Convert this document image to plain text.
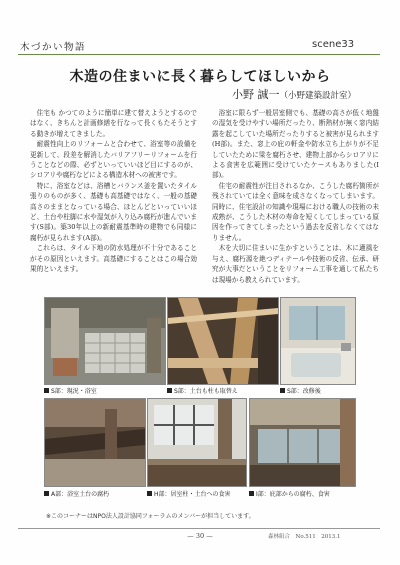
木づかい物語	scene33
木造の住まいに長く暮らしてほしいから
小野 誠一（小野建築設計室）

住宅も かつてのように簡単に建て替えようとするのではなく、きちんと計画修繕を行なって長くもたそうとする動きが増えてきました。

耐震性向上のリフォームと合わせて、浴室等の設備を更新して、段差を解消したバリアフリーリフォームを行うことなどの際、必ずといっていいほど目にするのが、シロアリや腐朽などによる構造木材への被害です。

特に、浴室などは、浴槽とバランス釜を置いたタイル張りのものが多く、基礎も高基礎ではなく、一般の基礎高さのままとなっている場合、ほとんどといっていいほど、土台や柱脚に水や湿気が入り込み腐朽が進んでいます(S部)。築30年以上の新耐震基準時の建物でも同様に腐朽が見られます(A部)。

これらは、タイル下地の防水処理が不十分であることがその原因といえます。高基礎にすることはこの場合効果的といえます。

浴室に限らず一般居室側でも、基礎の高さが低く地盤の湿気を受けやすい場所だったり、断熱材が無く窓内結露を起こしていた場所だったりすると被害が見られます(H部)。また、窓上の庇の軒金や防水立ち上がりが不足していたために梁を腐朽させ、建物上部からシロアリによる食害を広範囲に受けていたケースもありました(I部)。

住宅の耐震性が注目されるなか、こうした腐朽箇所が残されていては全く意味を成さなくなってしまいます。同時に、住宅設計の知識や現場における職人の技術の未成熟が、こうした木材の寿命を短くしてしまっている原因を作ってきてしまったという過去を反省しなくてはなりません。

木を大切に住まいに生かすということは、木に適風を与え、腐朽源を絶つディテールや技術の反省、伝承、研究が大事だということをリフォーム工事を通して私たちは現場から教えられています。

S部：現況・浴室	S部：土台も柱も取替え	S部：改修後
A部：浴室土台の腐朽	H部：居室柱・土台への食害	I部：庇部からの腐朽、食害
※このコーナーはNPO法人設計協同フォーラムのメンバーが担当しています。
— 30 —	森林組合　No.511　2013.1
